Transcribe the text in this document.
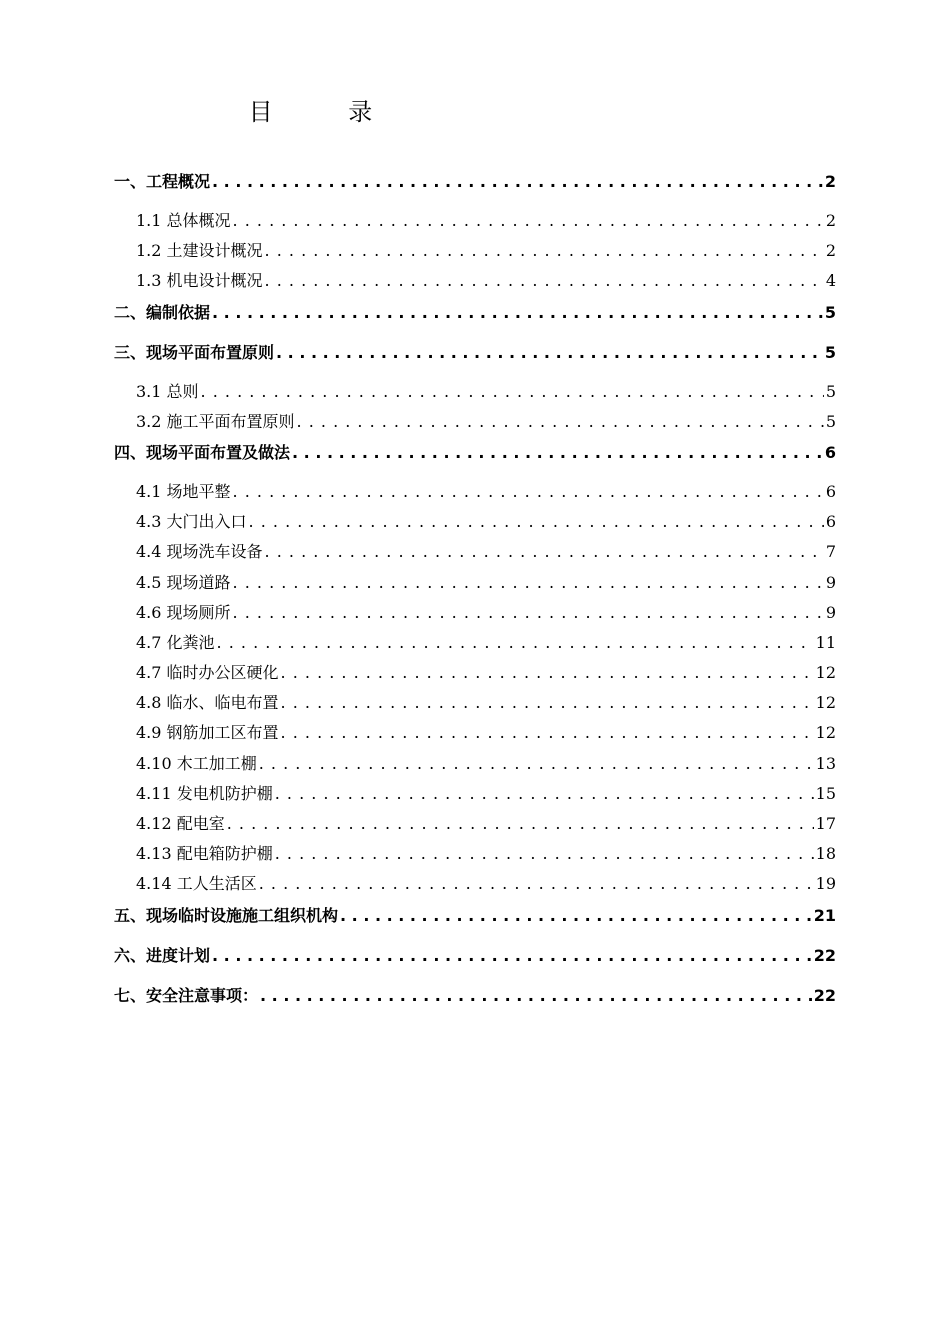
目 录
一、工程概况 . . .	2
1.1 总体概况 . . .	2
1.2 土建设计概况 . . .	2
1.3 机电设计概况 . . .	4
二、编制依据 . . .	5
三、现场平面布置原则 . . .	5
3.1 总则 . . .	5
3.2 施工平面布置原则 . . .	5
四、现场平面布置及做法 . . .	6
4.1 场地平整 . . .	6
4.3 大门出入口 . . .	6
4.4 现场洗车设备 . . .	7
4.5 现场道路 . . .	9
4.6 现场厕所 . . .	9
4.7 化粪池 . . .	11
4.7 临时办公区硬化 . . .	12
4.8 临水、临电布置 . . .	12
4.9 钢筋加工区布置 . . .	12
4.10 木工加工棚 . . .	13
4.11 发电机防护棚 . . .	15
4.12 配电室 . . .	17
4.13 配电箱防护棚 . . .	18
4.14 工人生活区 . . .	19
五、现场临时设施施工组织机构 . . .	21
六、进度计划 . . .	22
七、安全注意事项： . . .	22
